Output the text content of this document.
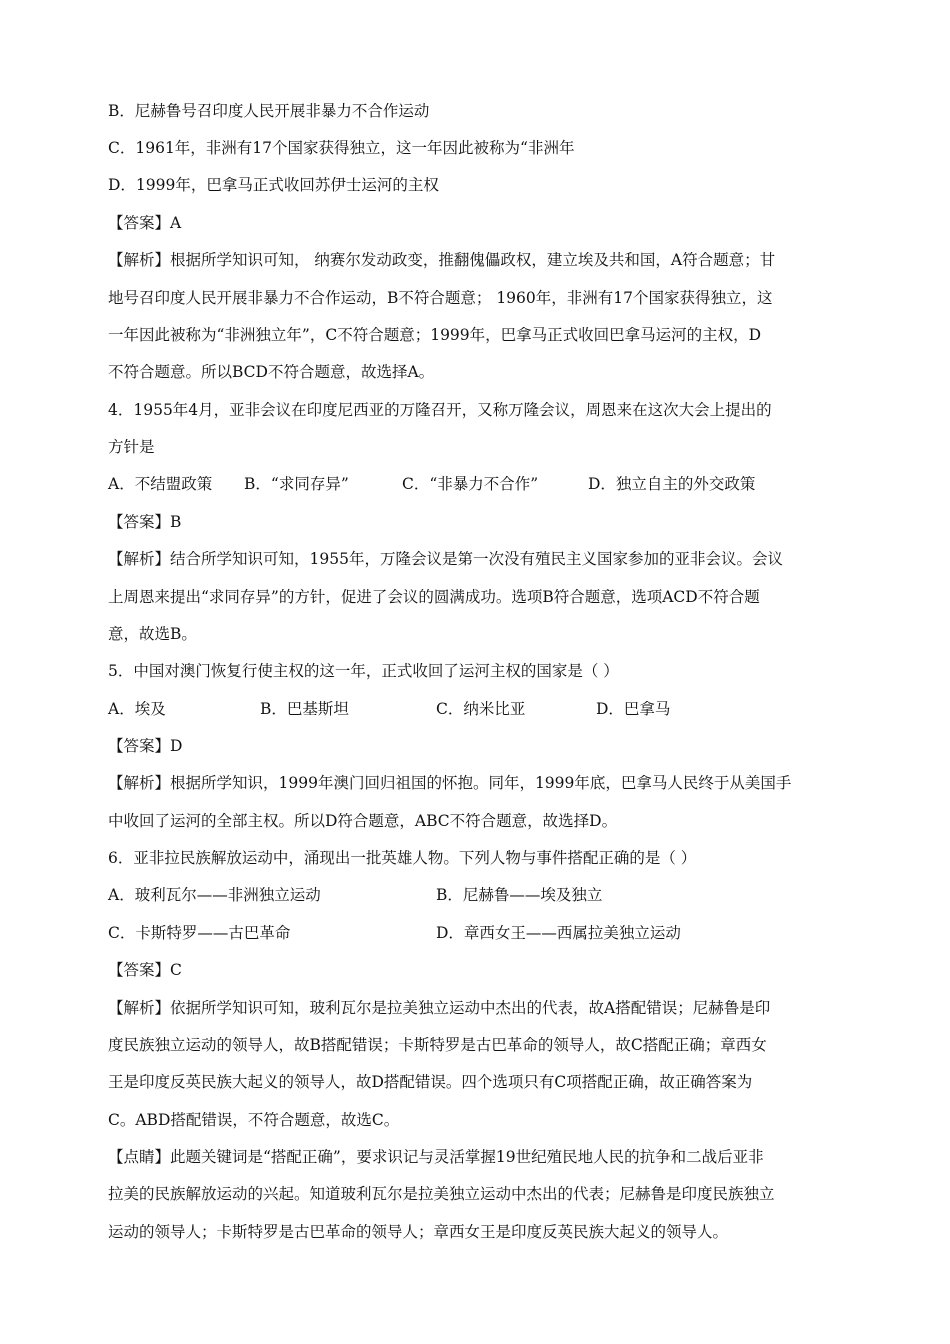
B．尼赫鲁号召印度人民开展非暴力不合作运动
C．1961年，非洲有17个国家获得独立，这一年因此被称为“非洲年
D．1999年，巴拿马正式收回苏伊士运河的主权
【答案】A
【解析】根据所学知识可知， 纳赛尔发动政变，推翻傀儡政权，建立埃及共和国，A符合题意；甘
地号召印度人民开展非暴力不合作运动，B不符合题意； 1960年，非洲有17个国家获得独立，这
一年因此被称为“非洲独立年”，C不符合题意；1999年，巴拿马正式收回巴拿马运河的主权，D
不符合题意。所以BCD不符合题意，故选择A。
4．1955年4月，亚非会议在印度尼西亚的万隆召开，又称万隆会议，周恩来在这次大会上提出的
方针是
A．不结盟政策 B．“求同存异”	C．“非暴力不合作”	D．独立自主的外交政策
【答案】B
【解析】结合所学知识可知，1955年，万隆会议是第一次没有殖民主义国家参加的亚非会议。会议
上周恩来提出“求同存异”的方针，促进了会议的圆满成功。选项B符合题意，选项ACD不符合题
意，故选B。
5．中国对澳门恢复行使主权的这一年，正式收回了运河主权的国家是（ ）
A．埃及	B．巴基斯坦	C．纳米比亚	D．巴拿马
【答案】D
【解析】根据所学知识，1999年澳门回归祖国的怀抱。同年，1999年底，巴拿马人民终于从美国手
中收回了运河的全部主权。所以D符合题意，ABC不符合题意，故选择D。
6．亚非拉民族解放运动中，涌现出一批英雄人物。下列人物与事件搭配正确的是（ ）
A．玻利瓦尔——非洲独立运动	B．尼赫鲁——埃及独立
C．卡斯特罗——古巴革命	D．章西女王——西属拉美独立运动
【答案】C
【解析】依据所学知识可知，玻利瓦尔是拉美独立运动中杰出的代表，故A搭配错误；尼赫鲁是印
度民族独立运动的领导人，故B搭配错误；卡斯特罗是古巴革命的领导人，故C搭配正确；章西女
王是印度反英民族大起义的领导人，故D搭配错误。四个选项只有C项搭配正确，故正确答案为
C。ABD搭配错误，不符合题意，故选C。
【点睛】此题关键词是“搭配正确”，要求识记与灵活掌握19世纪殖民地人民的抗争和二战后亚非
拉美的民族解放运动的兴起。知道玻利瓦尔是拉美独立运动中杰出的代表；尼赫鲁是印度民族独立
运动的领导人；卡斯特罗是古巴革命的领导人；章西女王是印度反英民族大起义的领导人。
